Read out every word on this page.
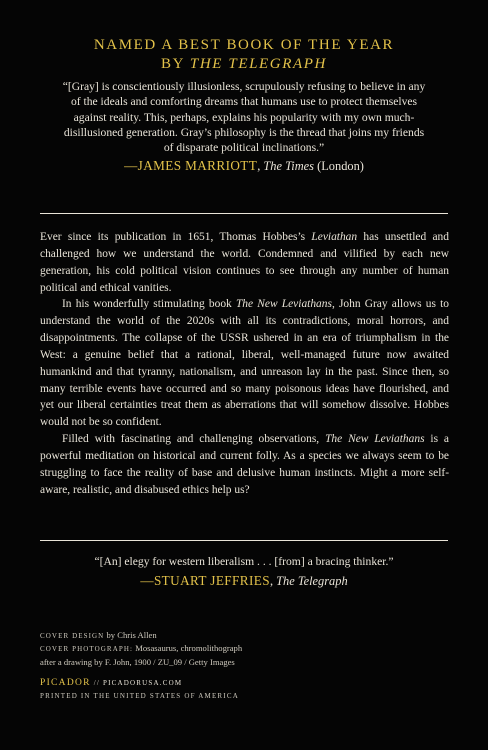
NAMED A BEST BOOK OF THE YEAR
BY THE TELEGRAPH
“[Gray] is conscientiously illusionless, scrupulously refusing to believe in any of the ideals and comforting dreams that humans use to protect themselves against reality. This, perhaps, explains his popularity with my own much-disillusioned generation. Gray’s philosophy is the thread that joins my friends of disparate political inclinations.”
—JAMES MARRIOTT, The Times (London)

Ever since its publication in 1651, Thomas Hobbes’s Leviathan has unsettled and challenged how we understand the world. Condemned and vilified by each new generation, his cold political vision continues to see through any number of human political and ethical vanities.

In his wonderfully stimulating book The New Leviathans, John Gray allows us to understand the world of the 2020s with all its contradictions, moral horrors, and disappointments. The collapse of the USSR ushered in an era of triumphalism in the West: a genuine belief that a rational, liberal, well-managed future now awaited humankind and that tyranny, nationalism, and unreason lay in the past. Since then, so many terrible events have occurred and so many poisonous ideas have flourished, and yet our liberal certainties treat them as aberrations that will somehow dissolve. Hobbes would not be so confident.

Filled with fascinating and challenging observations, The New Leviathans is a powerful meditation on historical and current folly. As a species we always seem to be struggling to face the reality of base and delusive human instincts. Might a more self-aware, realistic, and disabused ethics help us?

“[An] elegy for western liberalism . . . [from] a bracing thinker.”
—STUART JEFFRIES, The Telegraph
COVER DESIGN by Chris Allen
COVER PHOTOGRAPH: Mosasaurus, chromolithograph
after a drawing by F. John, 1900 / ZU_09 / Getty Images
PICADOR // PICADORUSA.COM
PRINTED IN THE UNITED STATES OF AMERICA
